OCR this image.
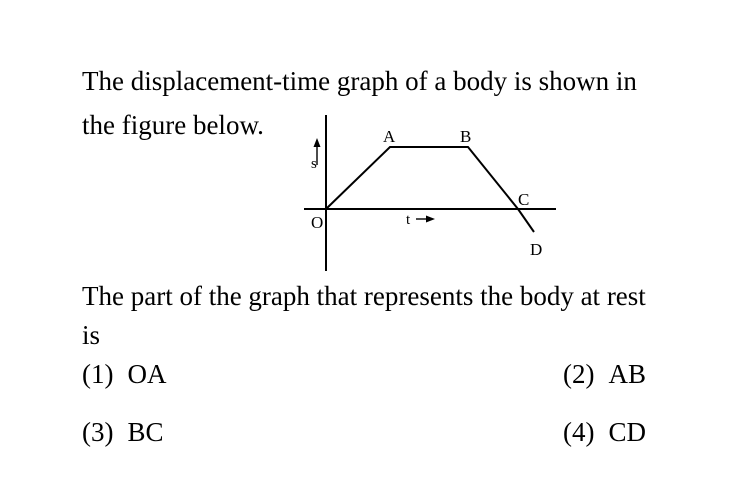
The displacement-time graph of a body is shown in
the figure below.	A	B
C
D
O
s
t
The part of the graph that represents the body at rest
is
(1) OA	(2) AB
(3) BC	(4) CD
